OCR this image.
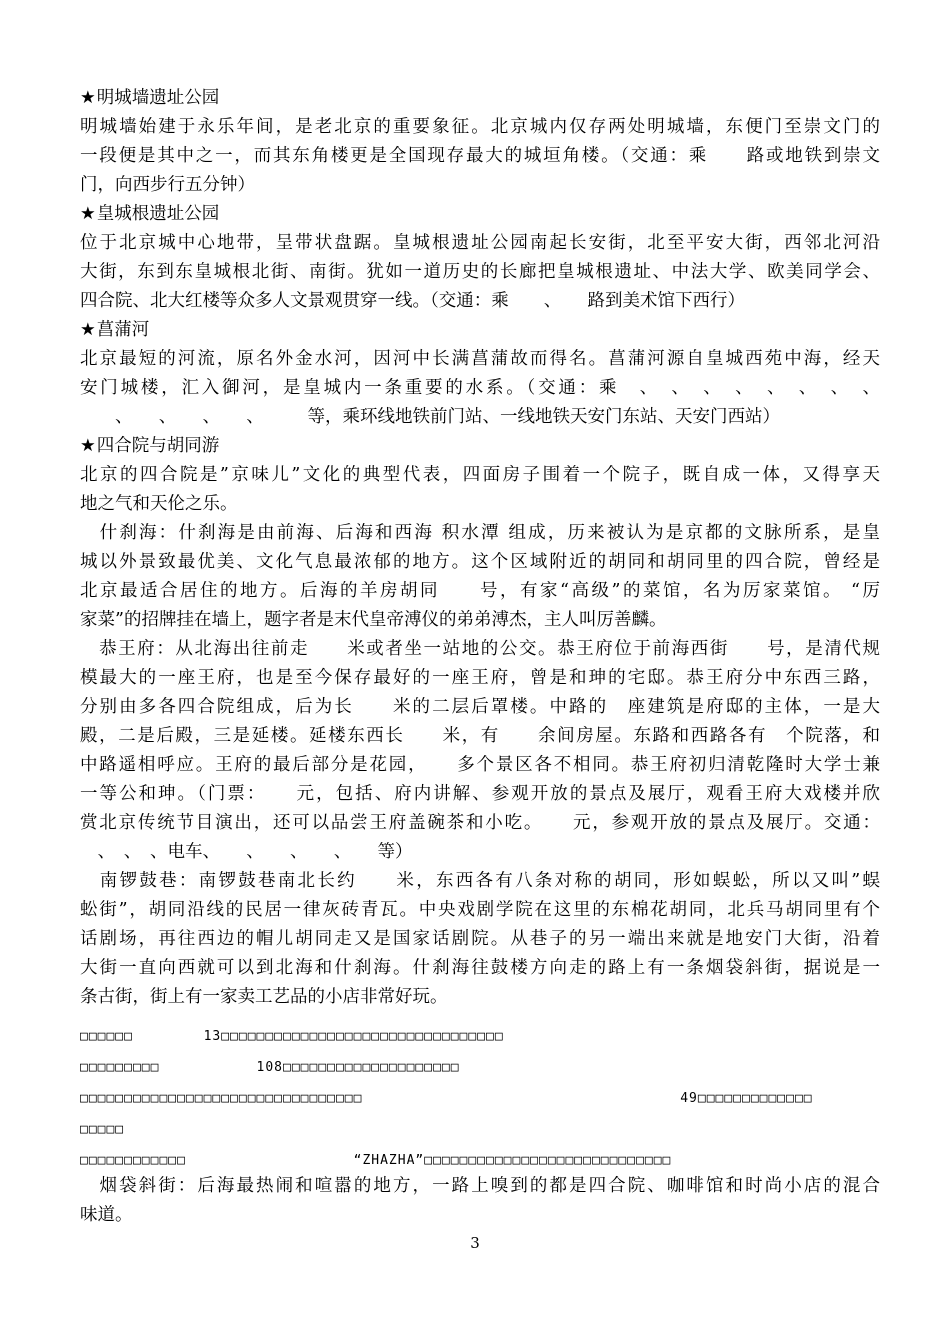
★明城墙遗址公园
明城墙始建于永乐年间，是老北京的重要象征。北京城内仅存两处明城墙，东便门至崇文门的
一段便是其中之一，而其东角楼更是全国现存最大的城垣角楼。（交通：乘　　路或地铁到崇文
门，向西步行五分钟）
★皇城根遗址公园
位于北京城中心地带，呈带状盘踞。皇城根遗址公园南起长安街，北至平安大街，西邻北河沿
大街，东到东皇城根北街、南街。犹如一道历史的长廊把皇城根遗址、中法大学、欧美同学会、
四合院、北大红楼等众多人文景观贯穿一线。（交通：乘　　、　　路到美术馆下西行）
★菖蒲河
北京最短的河流，原名外金水河，因河中长满菖蒲故而得名。菖蒲河源自皇城西苑中海，经天
安门城楼，汇入御河，是皇城内一条重要的水系。（交通：乘　、　、　、　、　、　、　、　、
　　、　　、　　、　　、　　　等，乘环线地铁前门站、一线地铁天安门东站、天安门西站）
★四合院与胡同游
北京的四合院是”京味儿”文化的典型代表，四面房子围着一个院子，既自成一体，又得享天
地之气和天伦之乐。
　什刹海：什刹海是由前海、后海和西海 积水潭 组成，历来被认为是京都的文脉所系，是皇
城以外景致最优美、文化气息最浓郁的地方。这个区域附近的胡同和胡同里的四合院，曾经是
北京最适合居住的地方。后海的羊房胡同　　号，有家“高级”的菜馆，名为厉家菜馆。 “厉
家菜”的招牌挂在墙上，题字者是末代皇帝溥仪的弟弟溥杰，主人叫厉善麟。
　恭王府：从北海出往前走　　米或者坐一站地的公交。恭王府位于前海西街　　号，是清代规
模最大的一座王府，也是至今保存最好的一座王府，曾是和珅的宅邸。恭王府分中东西三路，
分别由多各四合院组成，后为长　　米的二层后罩楼。中路的　座建筑是府邸的主体，一是大
殿，二是后殿，三是延楼。延楼东西长　　米，有　　余间房屋。东路和西路各有　个院落，和
中路遥相呼应。王府的最后部分是花园，　　多个景区各不相同。恭王府初归清乾隆时大学士兼
一等公和珅。（门票：　　元，包括、府内讲解、参观开放的景点及展厅，观看王府大戏楼并欣
赏北京传统节目演出，还可以品尝王府盖碗茶和小吃。　　元，参观开放的景点及展厅。交通：
　、　、　、电车、　　、　　、　　、　　等）
　南锣鼓巷：南锣鼓巷南北长约　　米，东西各有八条对称的胡同，形如蜈蚣，所以又叫”蜈
蚣街”，胡同沿线的民居一律灰砖青瓦。中央戏剧学院在这里的东棉花胡同，北兵马胡同里有个
话剧场，再往西边的帽儿胡同走又是国家话剧院。从巷子的另一端出来就是地安门大街，沿着
大街一直向西就可以到北海和什刹海。什刹海往鼓楼方向走的路上有一条烟袋斜街，据说是一
条古街，街上有一家卖工艺品的小店非常好玩。
□□□□□□        13□□□□□□□□□□□□□□□□□□□□□□□□□□□□□□□□
□□□□□□□□□           108□□□□□□□□□□□□□□□□□□□□
□□□□□□□□□□□□□□□□□□□□□□□□□□□□□□□□                                    49□□□□□□□□□□□□□
□□□□□
□□□□□□□□□□□□                   “ZHAZHA”□□□□□□□□□□□□□□□□□□□□□□□□□□□□
　烟袋斜街：后海最热闹和喧嚣的地方，一路上嗅到的都是四合院、咖啡馆和时尚小店的混合
味道。
3
